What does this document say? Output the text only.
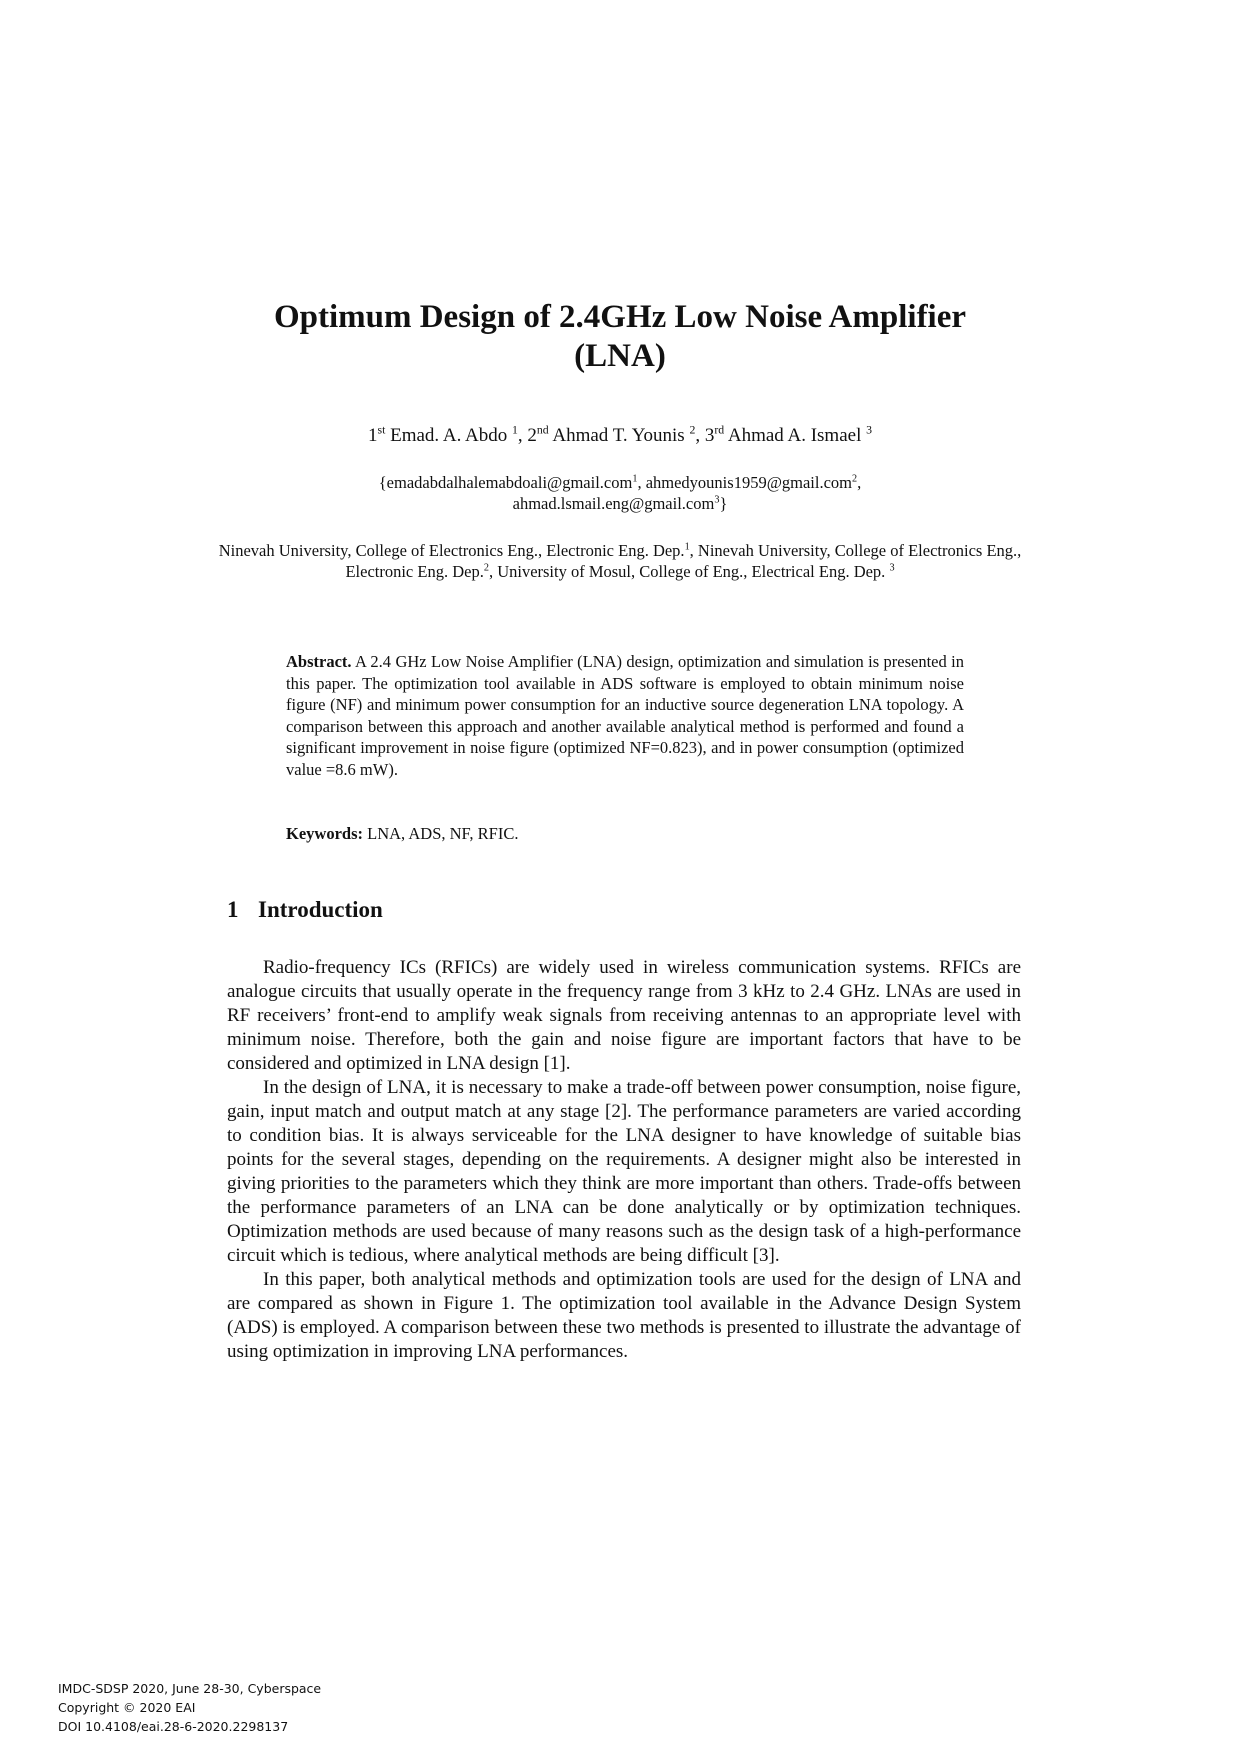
Optimum Design of 2.4GHz Low Noise Amplifier
(LNA)

1st Emad. A. Abdo $^1$, 2nd Ahmad T. Younis $^2$, 3rd Ahmad A. Ismael $^3$

{emadabdalhalemabdoali@gmail.com$^1$, ahmedyounis1959@gmail.com$^2$,
ahmad.lsmail.eng@gmail.com$^3$}

Ninevah University, College of Electronics Eng., Electronic Eng. Dep.$^1$, Ninevah University, College of Electronics Eng., Electronic Eng. Dep.$^2$, University of Mosul, College of Eng., Electrical Eng. Dep. $^3$

Abstract. A 2.4 GHz Low Noise Amplifier (LNA) design, optimization and simulation is presented in this paper. The optimization tool available in ADS software is employed to obtain minimum noise figure (NF) and minimum power consumption for an inductive source degeneration LNA topology. A comparison between this approach and another available analytical method is performed and found a significant improvement in noise figure (optimized NF=0.823), and in power consumption (optimized value =8.6 mW).

Keywords: LNA, ADS, NF, RFIC.

1 Introduction

Radio-frequency ICs (RFICs) are widely used in wireless communication systems. RFICs are analogue circuits that usually operate in the frequency range from 3 kHz to 2.4 GHz. LNAs are used in RF receivers’ front-end to amplify weak signals from receiving antennas to an appropriate level with minimum noise. Therefore, both the gain and noise figure are important factors that have to be considered and optimized in LNA design [1].

In the design of LNA, it is necessary to make a trade-off between power consumption, noise figure, gain, input match and output match at any stage [2]. The performance parameters are varied according to condition bias. It is always serviceable for the LNA designer to have knowledge of suitable bias points for the several stages, depending on the requirements. A designer might also be interested in giving priorities to the parameters which they think are more important than others. Trade-offs between the performance parameters of an LNA can be done analytically or by optimization techniques. Optimization methods are used because of many reasons such as the design task of a high-performance circuit which is tedious, where analytical methods are being difficult [3].

In this paper, both analytical methods and optimization tools are used for the design of LNA and are compared as shown in Figure 1. The optimization tool available in the Advance Design System (ADS) is employed. A comparison between these two methods is presented to illustrate the advantage of using optimization in improving LNA performances.

IMDC-SDSP 2020, June 28-30, Cyberspace
Copyright © 2020 EAI
DOI 10.4108/eai.28-6-2020.2298137
